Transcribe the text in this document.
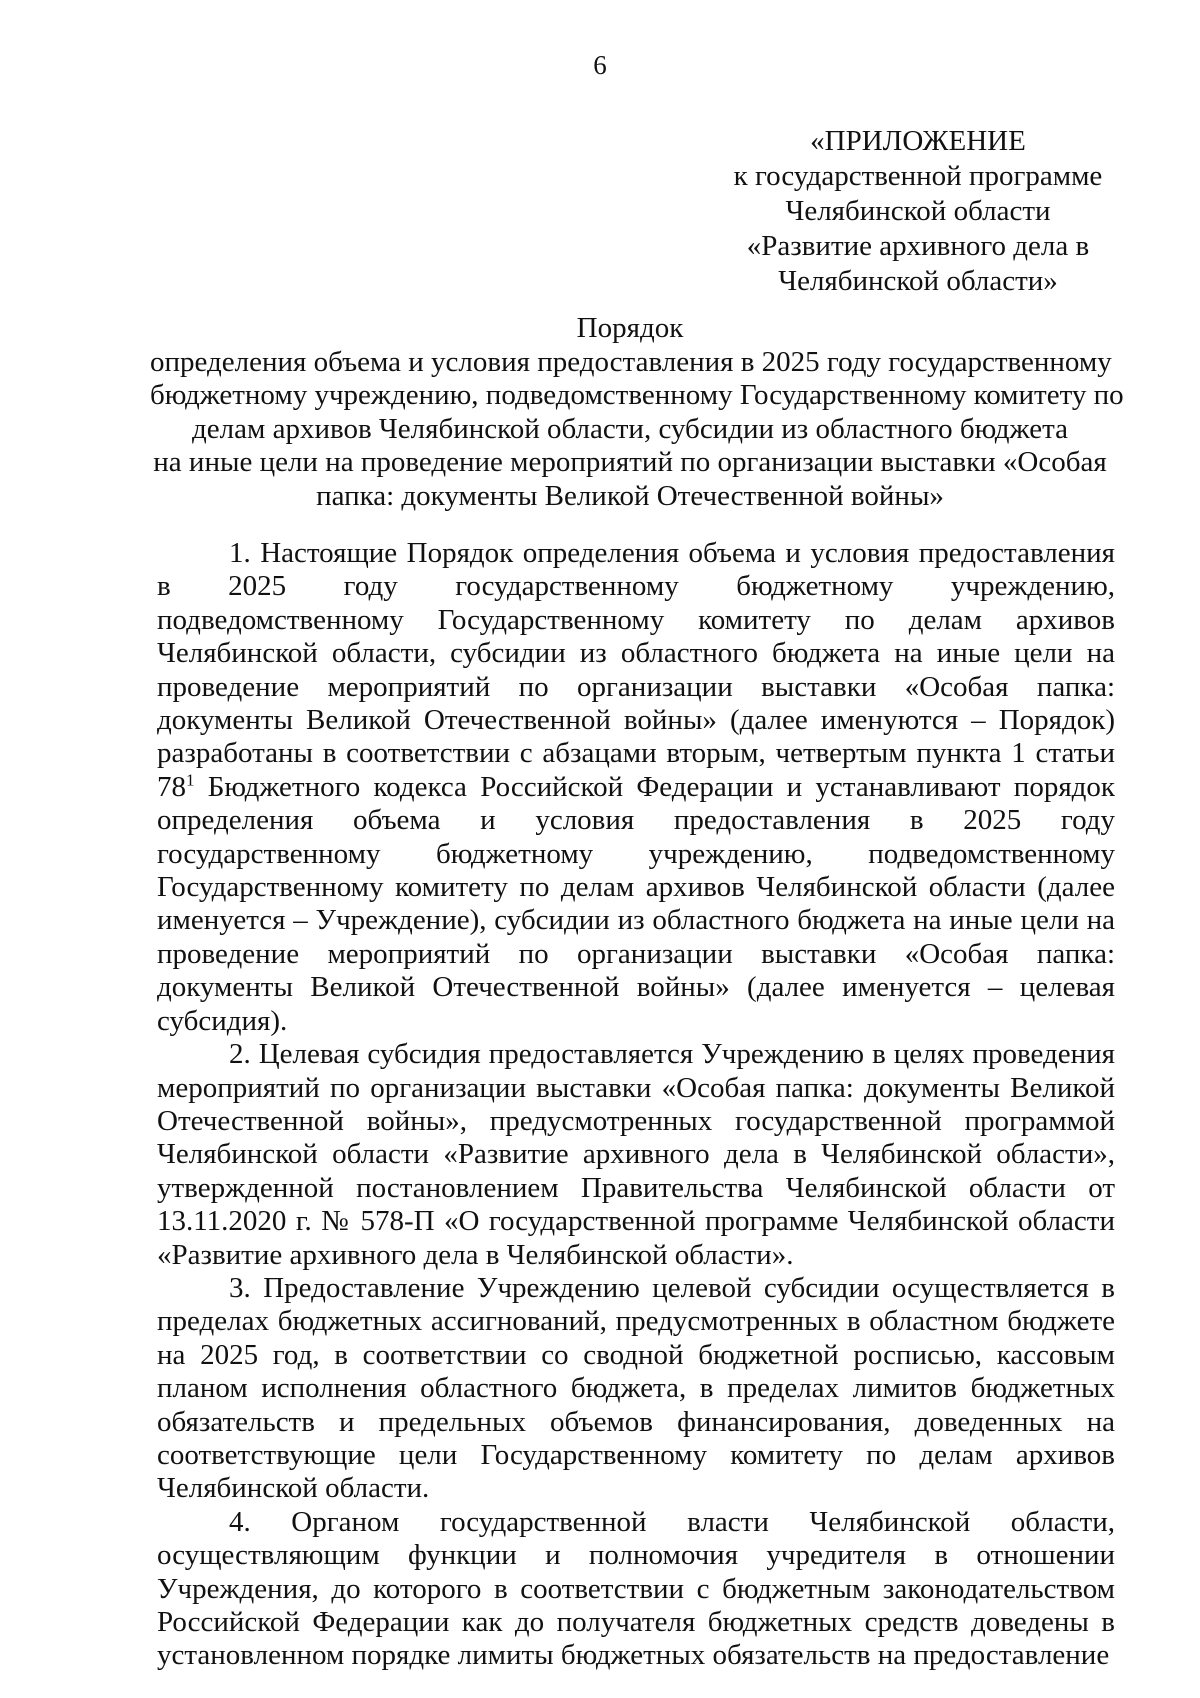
6
«ПРИЛОЖЕНИЕ
к государственной программе
Челябинской области
«Развитие архивного дела в
Челябинской области»
Порядок
определения объема и условия предоставления в 2025 году государственному
бюджетному учреждению, подведомственному Государственному комитету по
делам архивов Челябинской области, субсидии из областного бюджета
на иные цели на проведение мероприятий по организации выставки «Особая
папка: документы Великой Отечественной войны»

1. Настоящие Порядок определения объема и условия предоставления в 2025 году государственному бюджетному учреждению, подведомственному Государственному комитету по делам архивов Челябинской области, субсидии из областного бюджета на иные цели на проведение мероприятий по организации выставки «Особая папка: документы Великой Отечественной войны» (далее именуются – Порядок) разработаны в соответствии с абзацами вторым, четвертым пункта 1 статьи $78^1$ Бюджетного кодекса Российской Федерации и устанавливают порядок определения объема и условия предоставления в 2025 году государственному бюджетному учреждению, подведомственному Государственному комитету по делам архивов Челябинской области (далее именуется – Учреждение), субсидии из областного бюджета на иные цели на проведение мероприятий по организации выставки «Особая папка: документы Великой Отечественной войны» (далее именуется – целевая субсидия).

2. Целевая субсидия предоставляется Учреждению в целях проведения мероприятий по организации выставки «Особая папка: документы Великой Отечественной войны», предусмотренных государственной программой Челябинской области «Развитие архивного дела в Челябинской области», утвержденной постановлением Правительства Челябинской области от 13.11.2020 г. № 578-П «О государственной программе Челябинской области «Развитие архивного дела в Челябинской области».

3. Предоставление Учреждению целевой субсидии осуществляется в пределах бюджетных ассигнований, предусмотренных в областном бюджете на 2025 год, в соответствии со сводной бюджетной росписью, кассовым планом исполнения областного бюджета, в пределах лимитов бюджетных обязательств и предельных объемов финансирования, доведенных на соответствующие цели Государственному комитету по делам архивов Челябинской области.

4. Органом государственной власти Челябинской области, осуществляющим функции и полномочия учредителя в отношении Учреждения, до которого в соответствии с бюджетным законодательством Российской Федерации как до получателя бюджетных средств доведены в установленном порядке лимиты бюджетных обязательств на предоставление
